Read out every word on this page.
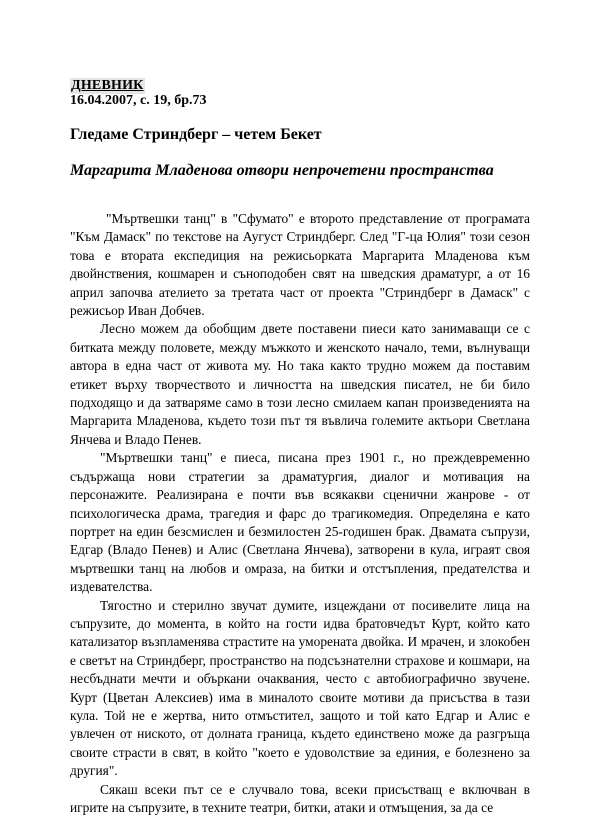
ДНЕВНИК
16.04.2007, с. 19, бр.73
Гледаме Стриндберг – четем Бекет
Маргарита Младенова отвори непрочетени пространства

"Мъртвешки танц" в "Сфумато" е второто представление от програмата "Към Дамаск" по текстове на Аугуст Стриндберг. След "Г-ца Юлия" този сезон това е втората експедиция на режисьорката Маргарита Младенова към двойнствения, кошмарен и съноподобен свят на шведския драматург, а от 16 април започва ателието за третата част от проекта "Стриндберг в Дамаск" с режисьор Иван Добчев.

Лесно можем да обобщим двете поставени пиеси като занимаващи се с битката между половете, между мъжкото и женското начало, теми, вълнуващи автора в една част от живота му. Но така както трудно можем да поставим етикет върху творчеството и личността на шведския писател, не би било подходящо и да затваряме само в този лесно смилаем капан произведенията на Маргарита Младенова, където този път тя въвлича големите актьори Светлана Янчева и Владо Пенев.

"Мъртвешки танц" е пиеса, писана през 1901 г., но преждевременно съдържаща нови стратегии за драматургия, диалог и мотивация на персонажите. Реализирана е почти във всякакви сценични жанрове - от психологическа драма, трагедия и фарс до трагикомедия. Определяна е като портрет на един безсмислен и безмилостен 25-годишен брак. Двамата съпрузи, Едгар (Владо Пенев) и Алис (Светлана Янчева), затворени в кула, играят своя мъртвешки танц на любов и омраза, на битки и отстъпления, предателства и издевателства.

Тягостно и стерилно звучат думите, изцеждани от посивелите лица на съпрузите, до момента, в който на гости идва братовчедът Курт, който като катализатор възпламенява страстите на уморената двойка. И мрачен, и злокобен е светът на Стриндберг, пространство на подсъзнателни страхове и кошмари, на несбъднати мечти и объркани очаквания, често с автобиографично звучене. Курт (Цветан Алексиев) има в миналото своите мотиви да присъства в тази кула. Той не е жертва, нито отмъстител, защото и той като Едгар и Алис е увлечен от ниското, от долната граница, където единствено може да разгръща своите страсти в свят, в който "което е удоволствие за единия, е болезнено за другия".

Сякаш всеки път се е случвало това, всеки присъстващ е включван в игрите на съпрузите, в техните театри, битки, атаки и отмъщения, за да се
